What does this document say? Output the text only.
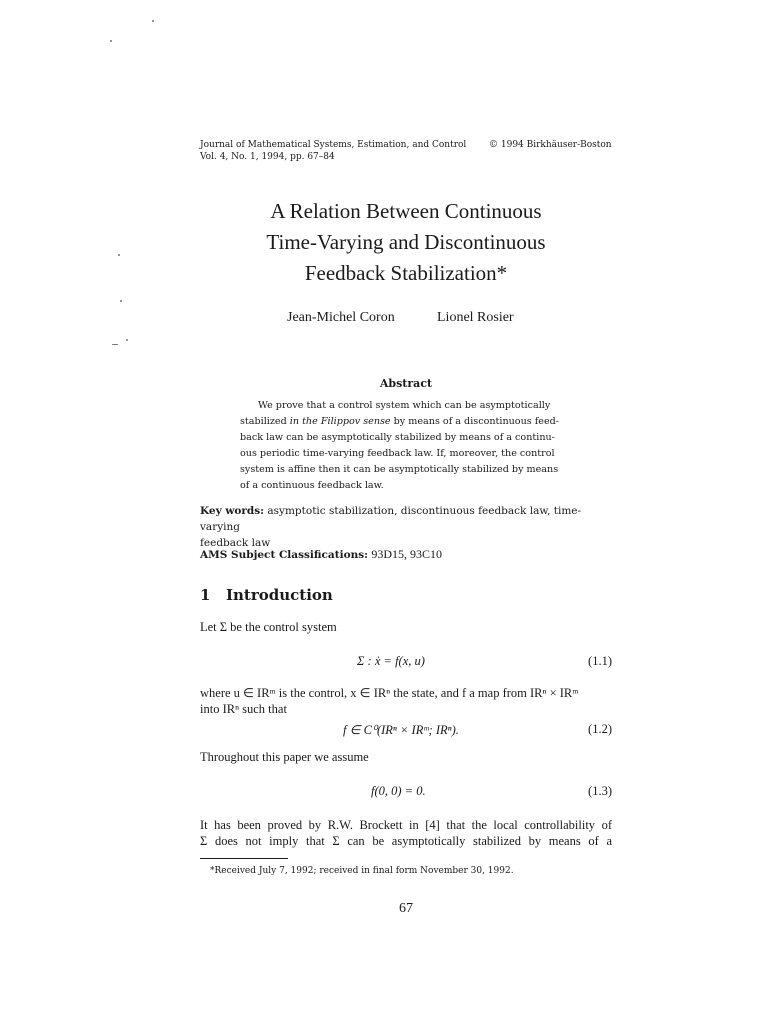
Journal of Mathematical Systems, Estimation, and Control	© 1994 Birkhäuser-Boston
Vol. 4, No. 1, 1994, pp. 67–84
A Relation Between Continuous
Time-Varying and Discontinuous
Feedback Stabilization*
Jean-Michel Coron	Lionel Rosier
Abstract
We prove that a control system which can be asymptotically
stabilized in the Filippov sense by means of a discontinuous feed-
back law can be asymptotically stabilized by means of a continu-
ous periodic time-varying feedback law. If, moreover, the control
system is affine then it can be asymptotically stabilized by means
of a continuous feedback law.
Key words: asymptotic stabilization, discontinuous feedback law, time-varying
feedback law
AMS Subject Classifications: 93D15, 93C10
1 Introduction
Let Σ be the control system
Σ : ẋ = f(x, u)	(1.1)
where u ∈ IRᵐ is the control, x ∈ IRⁿ the state, and f a map from IRⁿ × IRᵐ
into IRⁿ such that
f ∈ C⁰(IRⁿ × IRᵐ; IRⁿ).	(1.2)
Throughout this paper we assume
f(0, 0) = 0.	(1.3)
It has been proved by R.W. Brockett in [4] that the local controllability of
Σ does not imply that Σ can be asymptotically stabilized by means of a
*Received July 7, 1992; received in final form November 30, 1992.
67
